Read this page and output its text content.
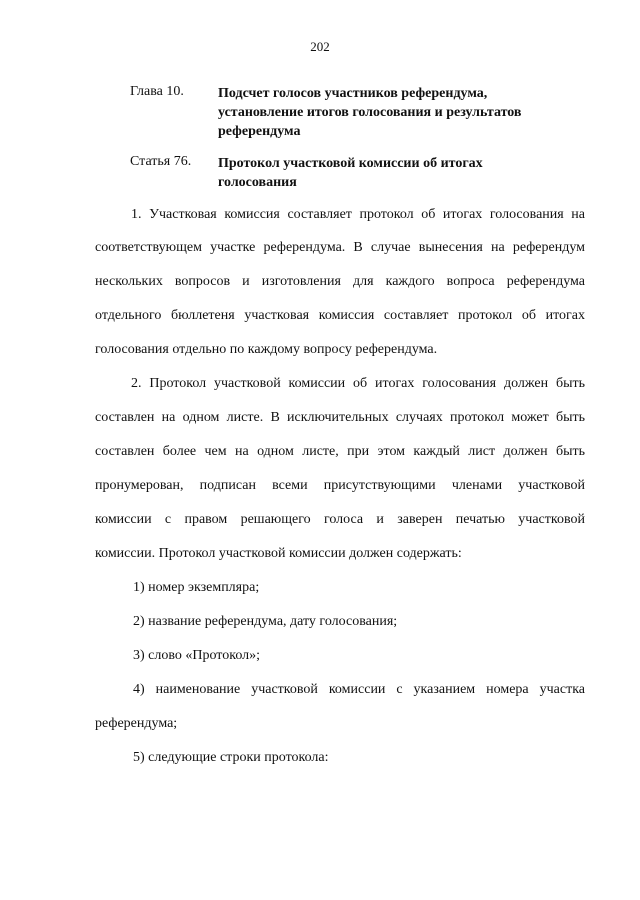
202
Глава 10.	Подсчет голосов участников референдума,
установление итогов голосования и результатов
референдума
Статья 76.	Протокол участковой комиссии об итогах
голосования
1. Участковая комиссия составляет протокол об итогах голосования на
соответствующем участке референдума. В случае вынесения на референдум
нескольких вопросов и изготовления для каждого вопроса референдума
отдельного бюллетеня участковая комиссия составляет протокол об итогах
голосования отдельно по каждому вопросу референдума.
2. Протокол участковой комиссии об итогах голосования должен быть
составлен на одном листе. В исключительных случаях протокол может быть
составлен более чем на одном листе, при этом каждый лист должен быть
пронумерован, подписан всеми присутствующими членами участковой
комиссии с правом решающего голоса и заверен печатью участковой
комиссии. Протокол участковой комиссии должен содержать:
1) номер экземпляра;
2) название референдума, дату голосования;
3) слово «Протокол»;
4) наименование участковой комиссии с указанием номера участка
референдума;
5) следующие строки протокола:
